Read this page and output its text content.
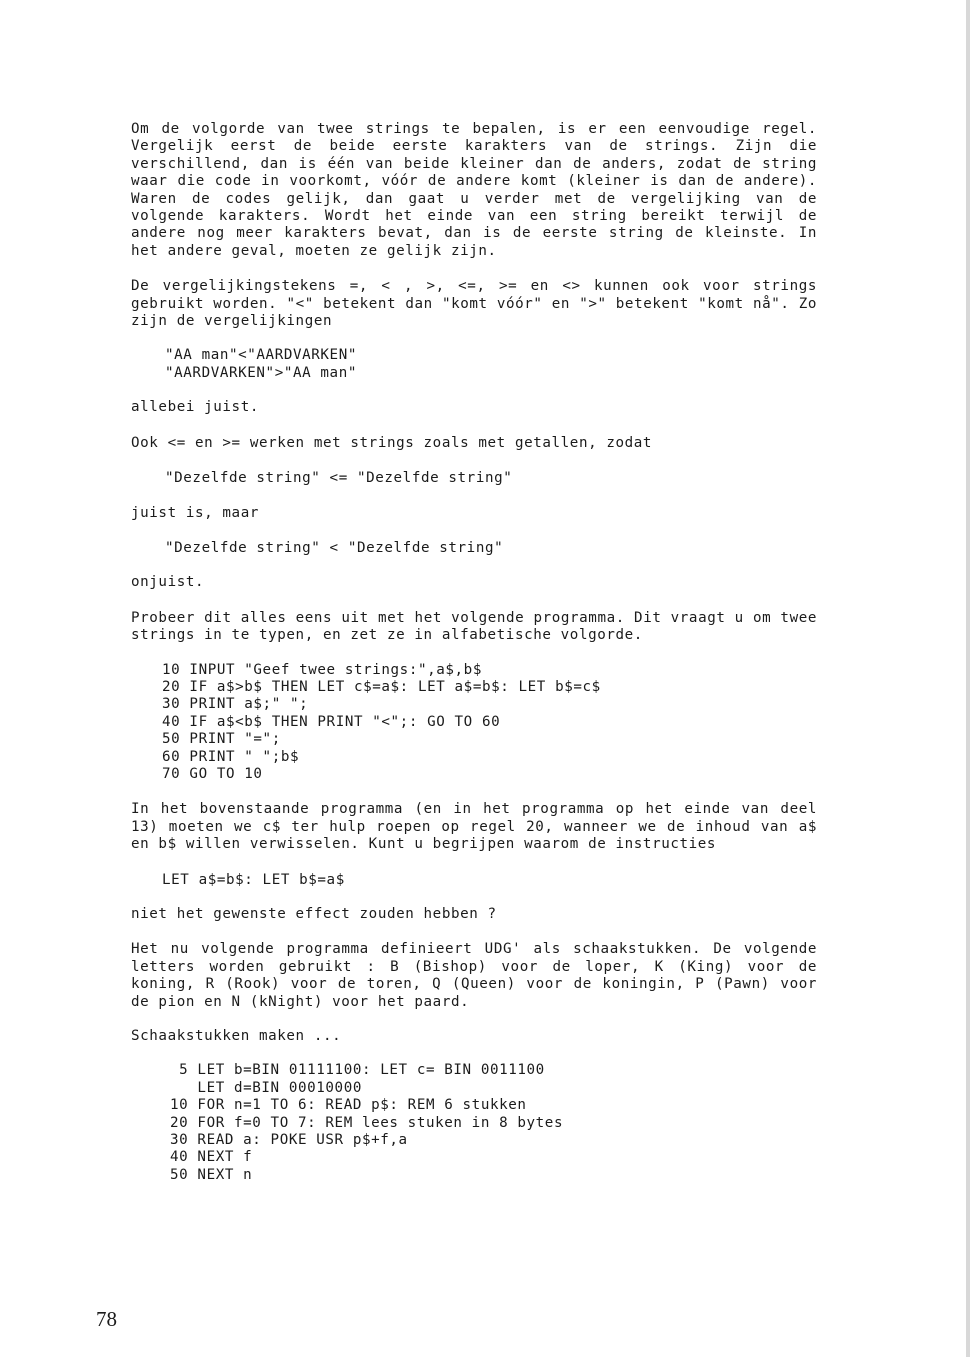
Om de volgorde van twee strings te bepalen, is er een eenvoudige regel. Vergelijk eerst de beide eerste karakters van de strings. Zijn die verschillend, dan is één van beide kleiner dan de anders, zodat de string waar die code in voorkomt, vóór de andere komt (kleiner is dan de andere). Waren de codes gelijk, dan gaat u verder met de vergelijking van de volgende karakters. Wordt het einde van een string bereikt terwijl de andere nog meer karakters bevat, dan is de eerste string de kleinste. In het andere geval, moeten ze gelijk zijn.

De vergelijkingstekens =, < , >, <=, >= en <> kunnen ook voor strings gebruikt worden. "<" betekent dan "komt vóór" en ">" betekent "komt nå". Zo zijn de vergelijkingen

"AA man"<"AARDVARKEN"
"AARDVARKEN">"AA man"

allebei juist.

Ook <= en >= werken met strings zoals met getallen, zodat

"Dezelfde string" <= "Dezelfde string"

juist is, maar

"Dezelfde string" < "Dezelfde string"

onjuist.

Probeer dit alles eens uit met het volgende programma. Dit vraagt u om twee strings in te typen, en zet ze in alfabetische volgorde.

10 INPUT "Geef twee strings:",a$,b$
20 IF a$>b$ THEN LET c$=a$: LET a$=b$: LET b$=c$
30 PRINT a$;" ";
40 IF a$<b$ THEN PRINT "<";: GO TO 60
50 PRINT "=";
60 PRINT " ";b$
70 GO TO 10

In het bovenstaande programma (en in het programma op het einde van deel 13) moeten we c$ ter hulp roepen op regel 20, wanneer we de inhoud van a$ en b$ willen verwisselen. Kunt u begrijpen waarom de instructies

LET a$=b$: LET b$=a$

niet het gewenste effect zouden hebben ?

Het nu volgende programma definieert UDG' als schaakstukken. De volgende letters worden gebruikt : B (Bishop) voor de loper, K (King) voor de koning, R (Rook) voor de toren, Q (Queen) voor de koningin, P (Pawn) voor de pion en N (kNight) voor het paard.

Schaakstukken maken ...

5 LET b=BIN 01111100: LET c= BIN 0011100
LET d=BIN 00010000
10 FOR n=1 TO 6: READ p$: REM 6 stukken
20 FOR f=0 TO 7: REM lees stuken in 8 bytes
30 READ a: POKE USR p$+f,a
40 NEXT f
50 NEXT n

78
